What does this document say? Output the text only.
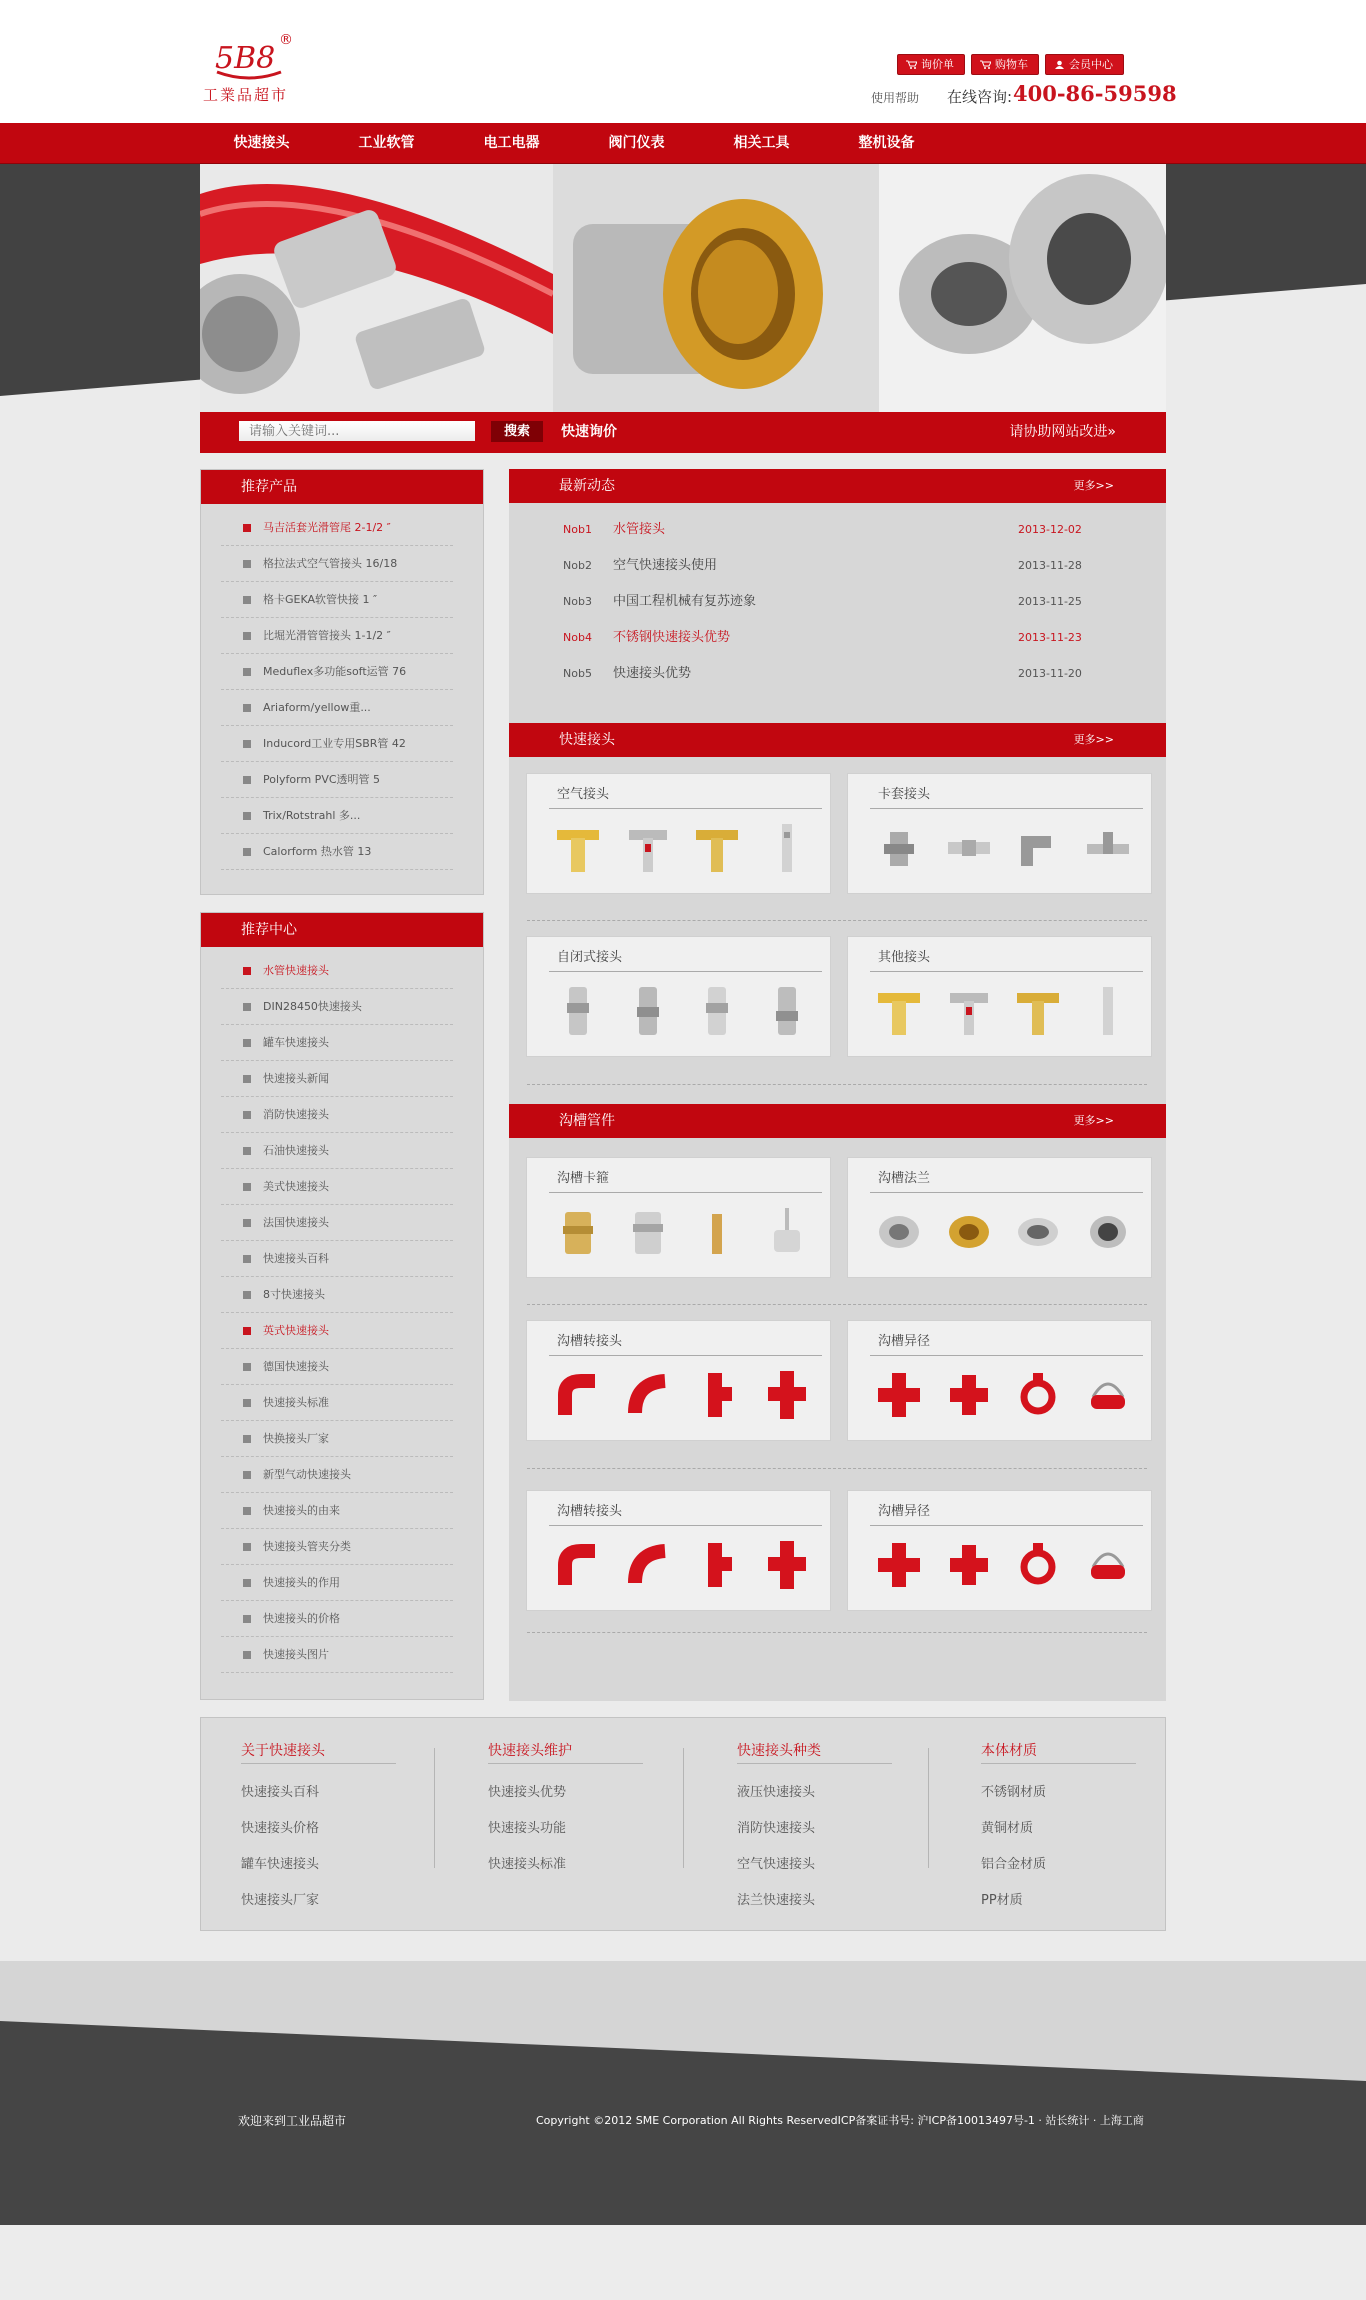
5B8
®
工業品超市
询价单	购物车	会员中心
使用帮助 在线咨询: 400-86-59598
快速接头	工业软管	电工电器	阀门仪表	相关工具	整机设备
请输入关键词...
搜索	快速询价	请协助网站改进»
推荐产品
马吉活套光滑管尾 2-1/2 ″
格拉法式空气管接头 16/18
格卡GEKA软管快接 1 ″
比堀光滑管管接头 1-1/2 ″
Meduflex多功能soft运管 76
Ariaform/yellow重...
Inducord工业专用SBR管 42
Polyform PVC透明管 5
Trix/Rotstrahl 多...
Calorform 热水管 13
推荐中心
水管快速接头
DIN28450快速接头
罐车快速接头
快速接头新闻
消防快速接头
石油快速接头
美式快速接头
法国快速接头
快速接头百科
8寸快速接头
英式快速接头
德国快速接头
快速接头标准
快换接头厂家
新型气动快速接头
快速接头的由来
快速接头管夹分类
快速接头的作用
快速接头的价格
快速接头图片
最新动态	更多>>
Nob1 水管接头	2013-12-02
Nob2 空气快速接头使用	2013-11-28
Nob3 中国工程机械有复苏迹象	2013-11-25
Nob4 不锈钢快速接头优势	2013-11-23
Nob5 快速接头优势	2013-11-20
快速接头	更多>>
空气接头	卡套接头
自闭式接头	其他接头
沟槽管件	更多>>
沟槽卡箍	沟槽法兰
沟槽转接头	沟槽异径
沟槽转接头	沟槽异径
关于快速接头
快速接头百科
快速接头价格
罐车快速接头
快速接头厂家
快速接头维护
快速接头优势
快速接头功能
快速接头标准
快速接头种类
液压快速接头
消防快速接头
空气快速接头
法兰快速接头
本体材质
不锈钢材质
黄铜材质
铝合金材质
PP材质
欢迎来到工业品超市	Copyright ©2012 SME Corporation All Rights ReservedICP备案证书号: 沪ICP备10013497号-1 · 站长统计 · 上海工商
